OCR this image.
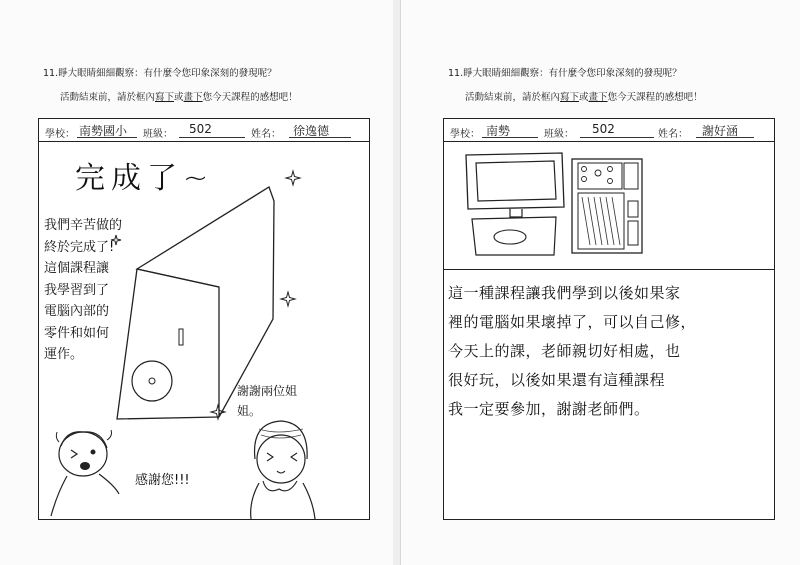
11.睜大眼睛細細觀察：有什麼令您印象深刻的發現呢？
活動結束前，請於框內寫下或畫下您今天課程的感想吧！
學校： 南勢國小 班級： 502	姓名： 徐逸德
完成了~
我們辛苦做的
終於完成了!
這個課程讓
我學習到了
電腦內部的
零件和如何
運作。
謝謝兩位姐
姐。
感謝您!!!
11.睜大眼睛細細觀察：有什麼令您印象深刻的發現呢？
活動結束前，請於框內寫下或畫下您今天課程的感想吧！
學校： 南勢	班級： 502	姓名： 謝好涵
這一種課程讓我們學到以後如果家
裡的電腦如果壞掉了，可以自己修，
今天上的課，老師親切好相處，也
很好玩，以後如果還有這種課程
我一定要參加，謝謝老師們。
